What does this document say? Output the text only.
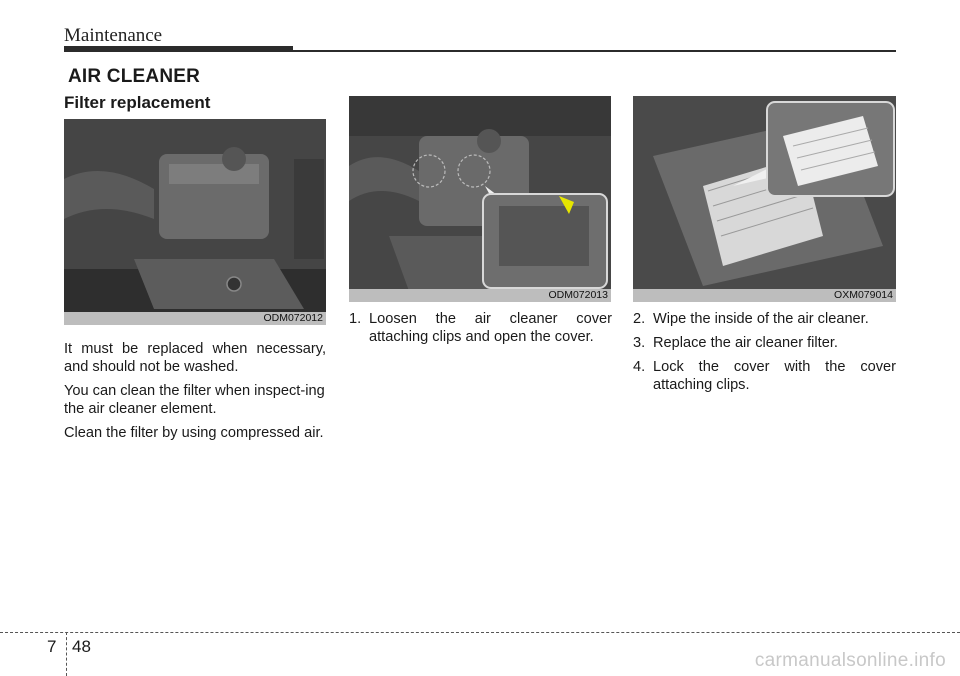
Maintenance
AIR CLEANER
Filter replacement
ODM072012
ODM072013	OXM079014

It must be replaced when necessary, and should not be washed.

You can clean the filter when inspect-ing the air cleaner element.

Clean the filter by using compressed air.

1. Loosen the air cleaner cover attaching clips and open the cover.
2. Wipe the inside of the air cleaner.
3. Replace the air cleaner filter.
4. Lock the cover with the cover attaching clips.
7 48
carmanualsonline.info
